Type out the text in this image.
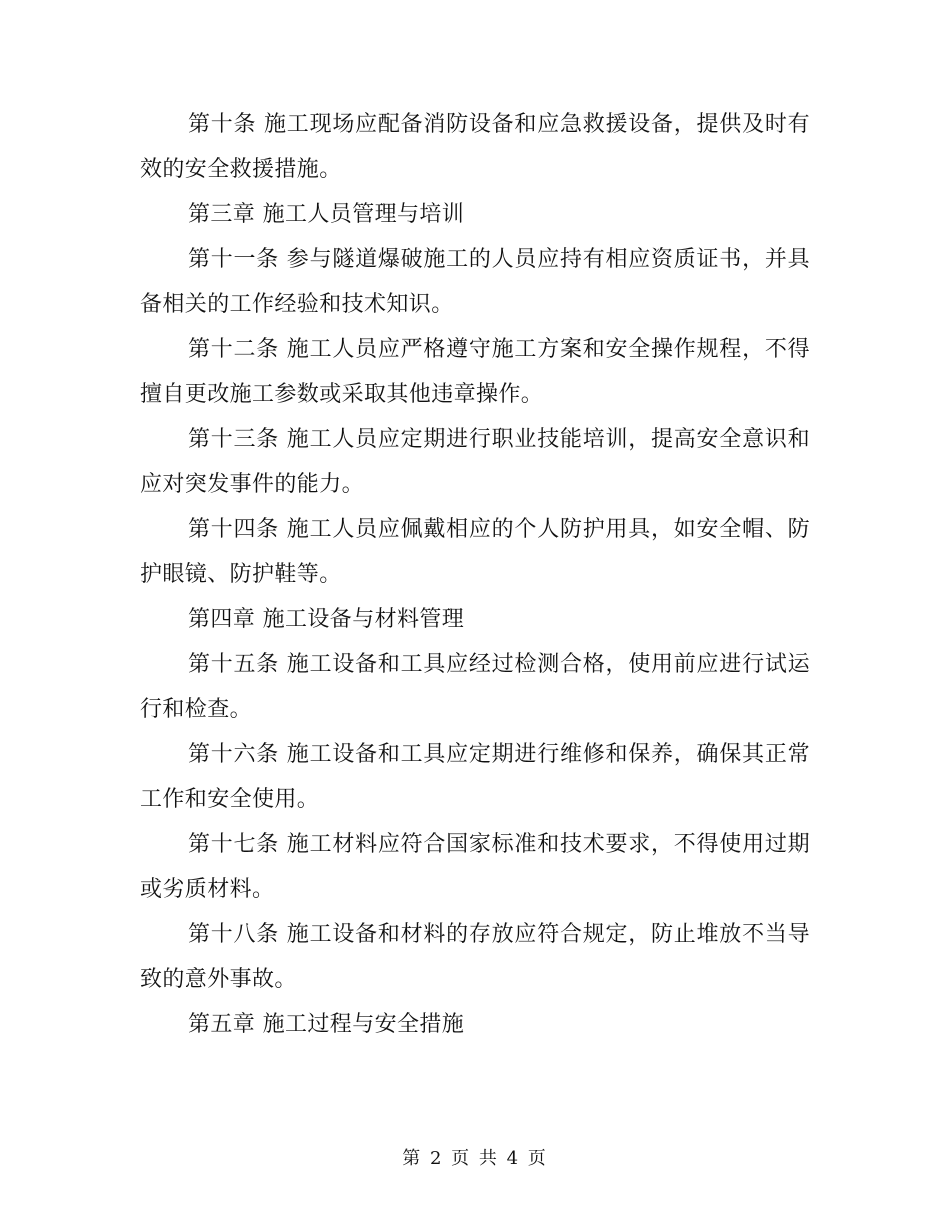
第十条 施工现场应配备消防设备和应急救援设备，提供及时有效的安全救援措施。

第三章 施工人员管理与培训

第十一条 参与隧道爆破施工的人员应持有相应资质证书，并具备相关的工作经验和技术知识。

第十二条 施工人员应严格遵守施工方案和安全操作规程，不得擅自更改施工参数或采取其他违章操作。

第十三条 施工人员应定期进行职业技能培训，提高安全意识和应对突发事件的能力。

第十四条 施工人员应佩戴相应的个人防护用具，如安全帽、防护眼镜、防护鞋等。

第四章 施工设备与材料管理

第十五条 施工设备和工具应经过检测合格，使用前应进行试运行和检查。

第十六条 施工设备和工具应定期进行维修和保养，确保其正常工作和安全使用。

第十七条 施工材料应符合国家标准和技术要求，不得使用过期或劣质材料。

第十八条 施工设备和材料的存放应符合规定，防止堆放不当导致的意外事故。

第五章 施工过程与安全措施

第 2 页 共 4 页
